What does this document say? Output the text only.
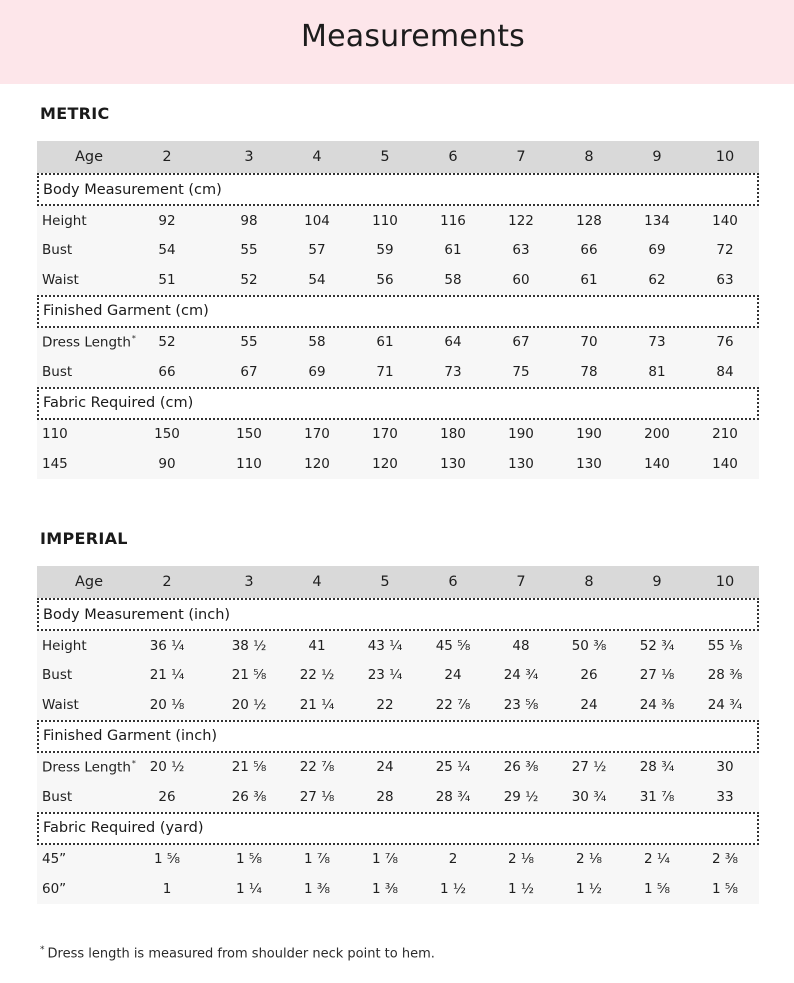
Measurements
METRIC
Age	2	3	4	5	6	7	8	9	10
Body Measurement (cm)
Height	92	98	104	110	116	122	128	134	140
Bust	54	55	57	59	61	63	66	69	72
Waist	51	52	54	56	58	60	61	62	63
Finished Garment (cm)
Dress Length*	52	55	58	61	64	67	70	73	76
Bust	66	67	69	71	73	75	78	81	84
Fabric Required (cm)
110	150	150	170	170	180	190	190	200	210
145	90	110	120	120	130	130	130	140	140
IMPERIAL
Age	2	3	4	5	6	7	8	9	10
Body Measurement (inch)
Height	36 ¼	38 ½	41	43 ¼	45 ⅝	48	50 ⅜	52 ¾	55 ⅛
Bust	21 ¼	21 ⅝	22 ½	23 ¼	24	24 ¾	26	27 ⅛	28 ⅜
Waist	20 ⅛	20 ½	21 ¼	22	22 ⅞	23 ⅝	24	24 ⅜	24 ¾
Finished Garment (inch)
Dress Length*	20 ½	21 ⅝	22 ⅞	24	25 ¼	26 ⅜	27 ½	28 ¾	30
Bust	26	26 ⅜	27 ⅛	28	28 ¾	29 ½	30 ¾	31 ⅞	33
Fabric Required (yard)
45”	1 ⅝	1 ⅝	1 ⅞	1 ⅞	2	2 ⅛	2 ⅛	2 ¼	2 ⅜
60”	1	1 ¼	1 ⅜	1 ⅜	1 ½	1 ½	1 ½	1 ⅝	1 ⅝
* Dress length is measured from shoulder neck point to hem.
